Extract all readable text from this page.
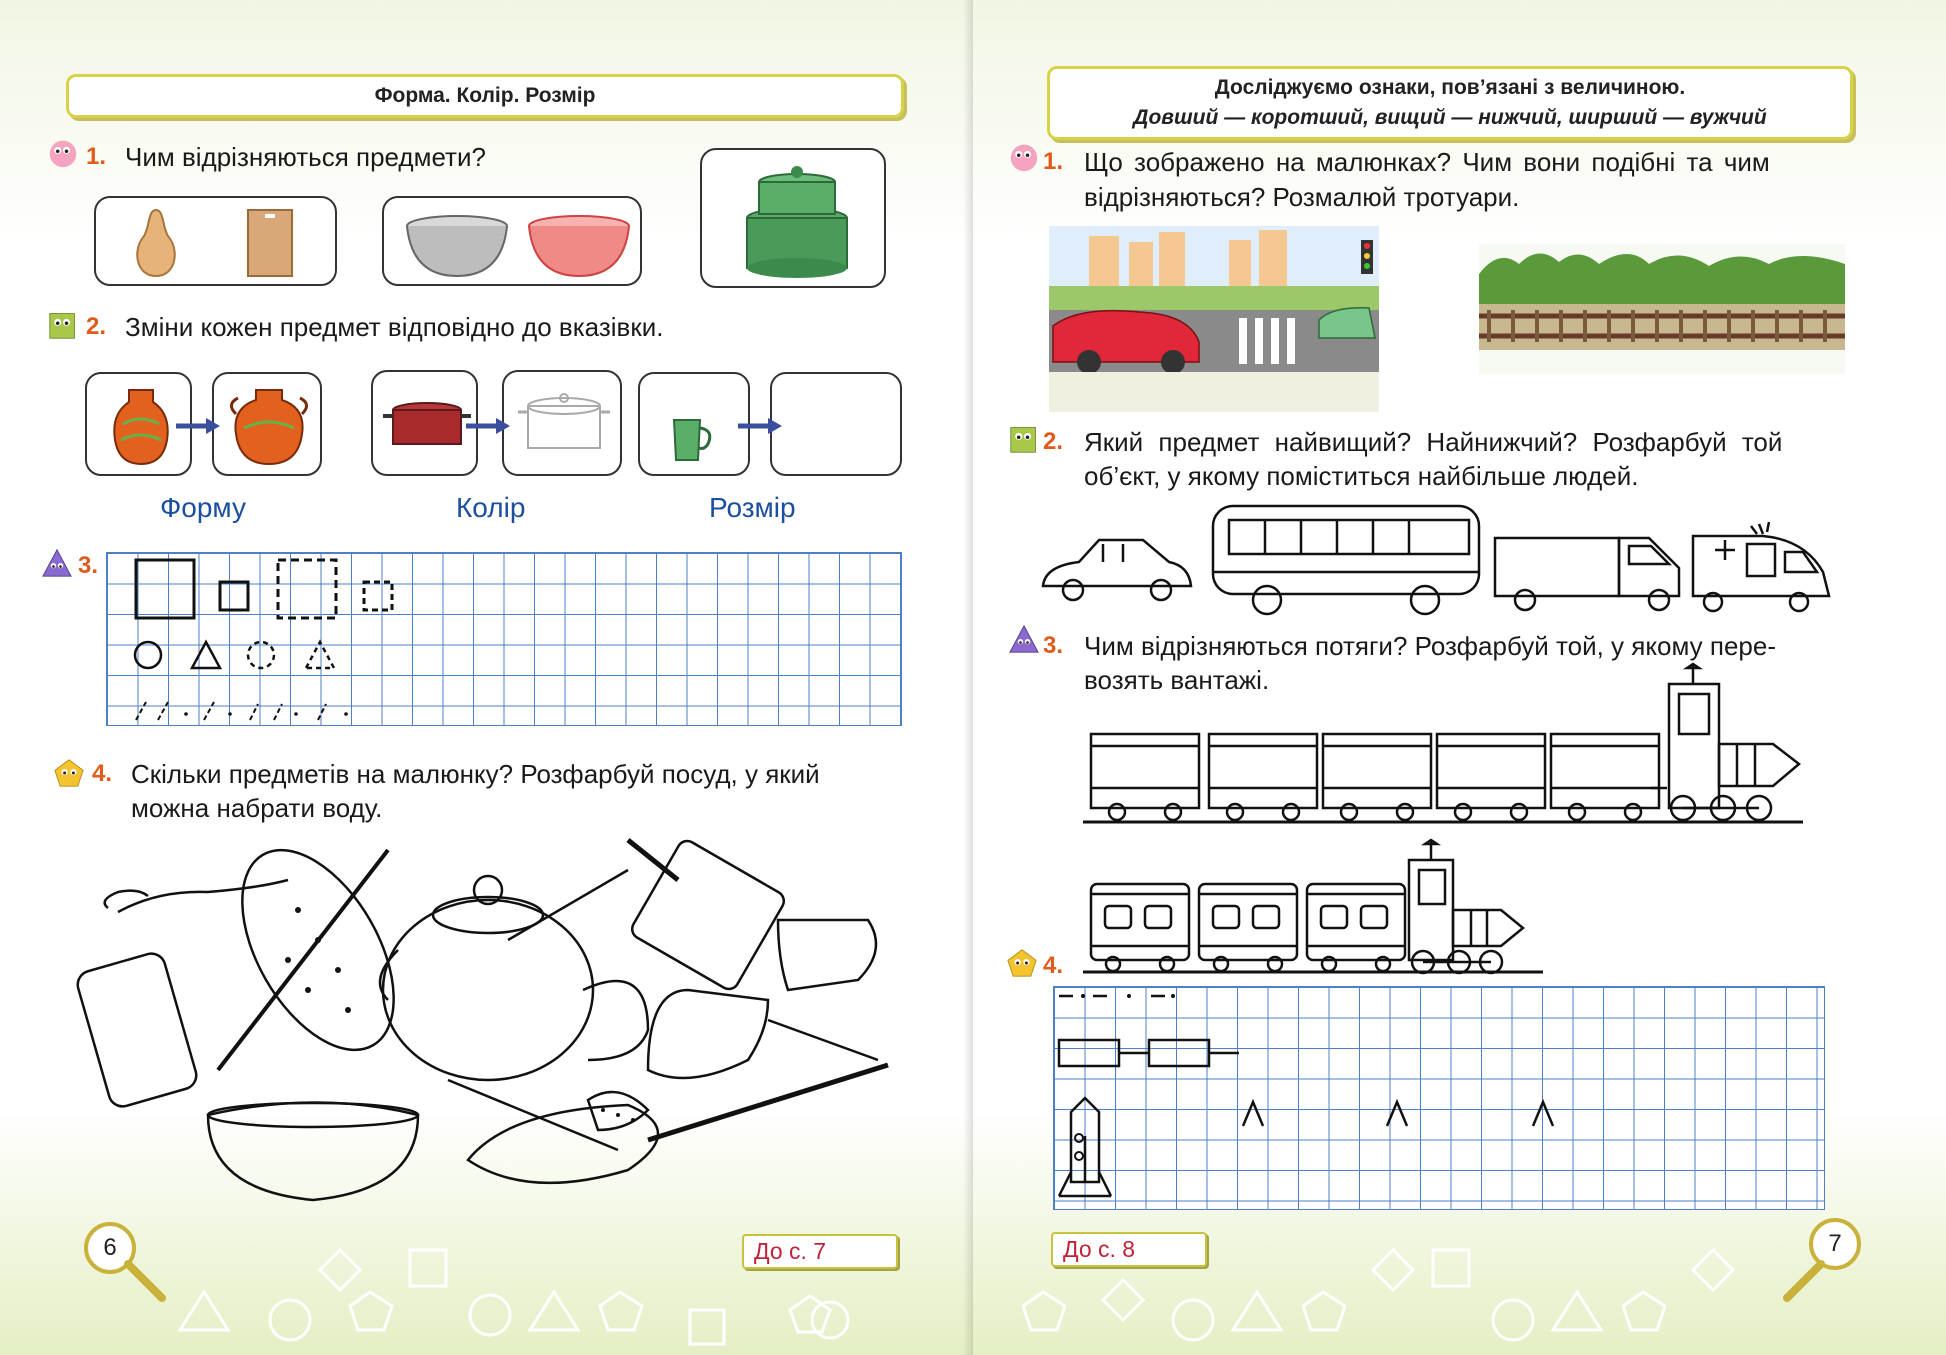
Форма. Колір. Розмір
1. Чим відрізняються предмети?
2. Зміни кожен предмет відповідно до вказівки.
Форму	Колір	Розмір
3.
4. Скільки предметів на малюнку? Розфарбуй посуд, у який
можна набрати воду.
6	До с. 7
Досліджуємо ознаки, пов’язані з величиною.
Довший — коротший, вищий — нижчий, ширший — вужчий
1. Що зображено на малюнках? Чим вони подібні та чим
відрізняються? Розмалюй тротуари.
2. Який предмет найвищий? Найнижчий? Розфарбуй той
об’єкт, у якому поміститься найбільше людей.
3. Чим відрізняються потяги? Розфарбуй той, у якому пере-
возять вантажі.
4.
До с. 8	7
